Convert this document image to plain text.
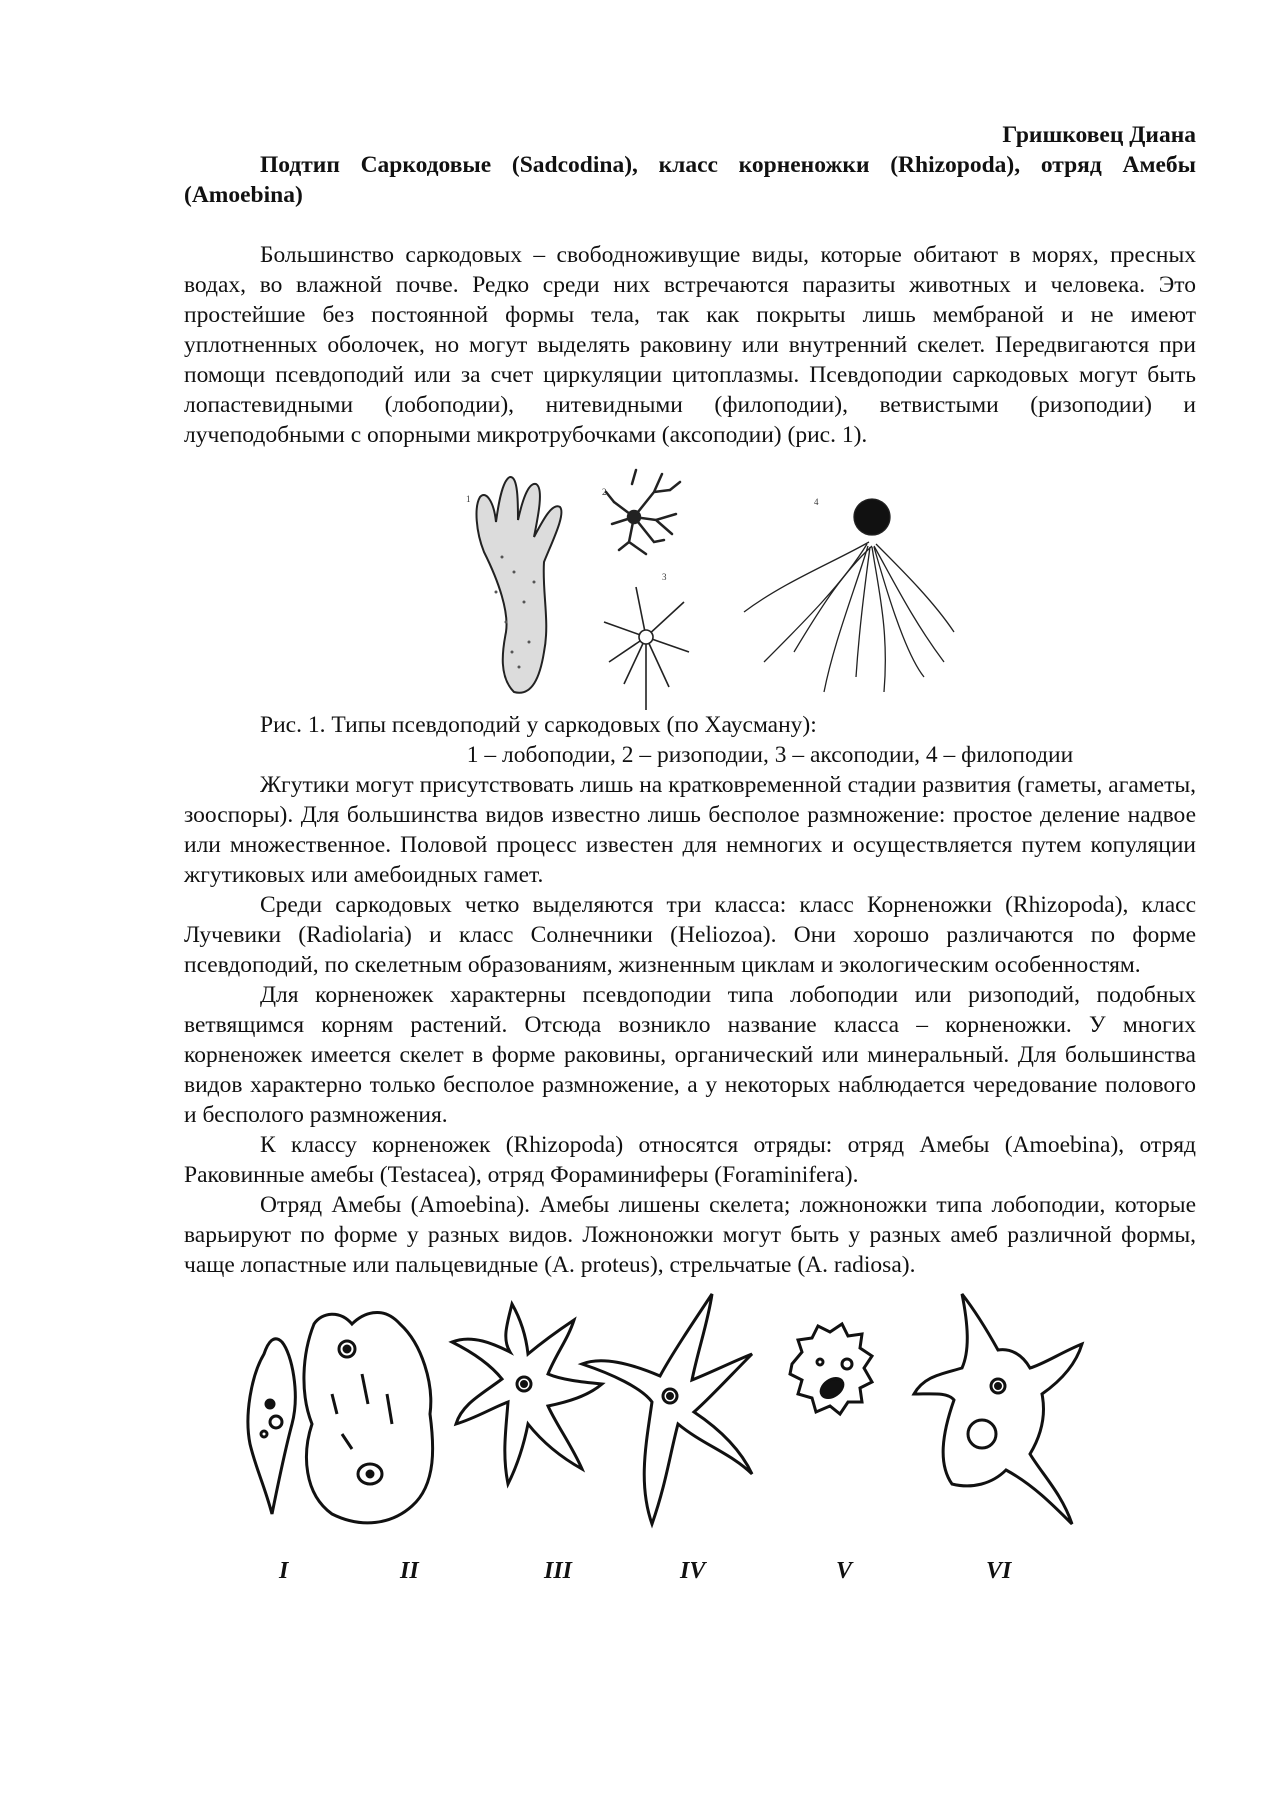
Гришковец Диана
Подтип Саркодовые (Sadcodina), класс корненожки (Rhizopoda), отряд Амебы (Amoebina)

Большинство саркодовых – свободноживущие виды, которые обитают в морях, пресных водах, во влажной почве. Редко среди них встречаются паразиты животных и человека. Это простейшие без постоянной формы тела, так как покрыты лишь мембраной и не имеют уплотненных оболочек, но могут выделять раковину или внутренний скелет. Передвигаются при помощи псевдоподий или за счет циркуляции цитоплазмы. Псевдоподии саркодовых могут быть лопастевидными (лобоподии), нитевидными (филоподии), ветвистыми (ризоподии) и лучеподобными с опорными микротрубочками (аксоподии) (рис. 1).

1
2
3
4
Рис. 1. Типы псевдоподий у саркодовых (по Хаусману):
1 – лобоподии, 2 – ризоподии, 3 – аксоподии, 4 – филоподии

Жгутики могут присутствовать лишь на кратковременной стадии развития (гаметы, агаметы, зооспоры). Для большинства видов известно лишь бесполое размножение: простое деление надвое или множественное. Половой процесс известен для немногих и осуществляется путем копуляции жгутиковых или амебоидных гамет.

Среди саркодовых четко выделяются три класса: класс Корненожки (Rhizopoda), класс Лучевики (Radiolaria) и класс Солнечники (Heliozoa). Они хорошо различаются по форме псевдоподий, по скелетным образованиям, жизненным циклам и экологическим особенностям.

Для корненожек характерны псевдоподии типа лобоподии или ризоподий, подобных ветвящимся корням растений. Отсюда возникло название класса – корненожки. У многих корненожек имеется скелет в форме раковины, органический или минеральный. Для большинства видов характерно только бесполое размножение, а у некоторых наблюдается чередование полового и бесполого размножения.

К классу корненожек (Rhizopoda) относятся отряды: отряд Амебы (Amoebina), отряд Раковинные амебы (Testacea), отряд Фораминиферы (Foraminifera).

Отряд Амебы (Amoebina). Амебы лишены скелета; ложноножки типа лобоподии, которые варьируют по форме у разных видов. Ложноножки могут быть у разных амеб различной формы, чаще лопастные или пальцевидные (A. proteus), стрельчатые (A. radiosa).

I	II	III	IV	V	VI
